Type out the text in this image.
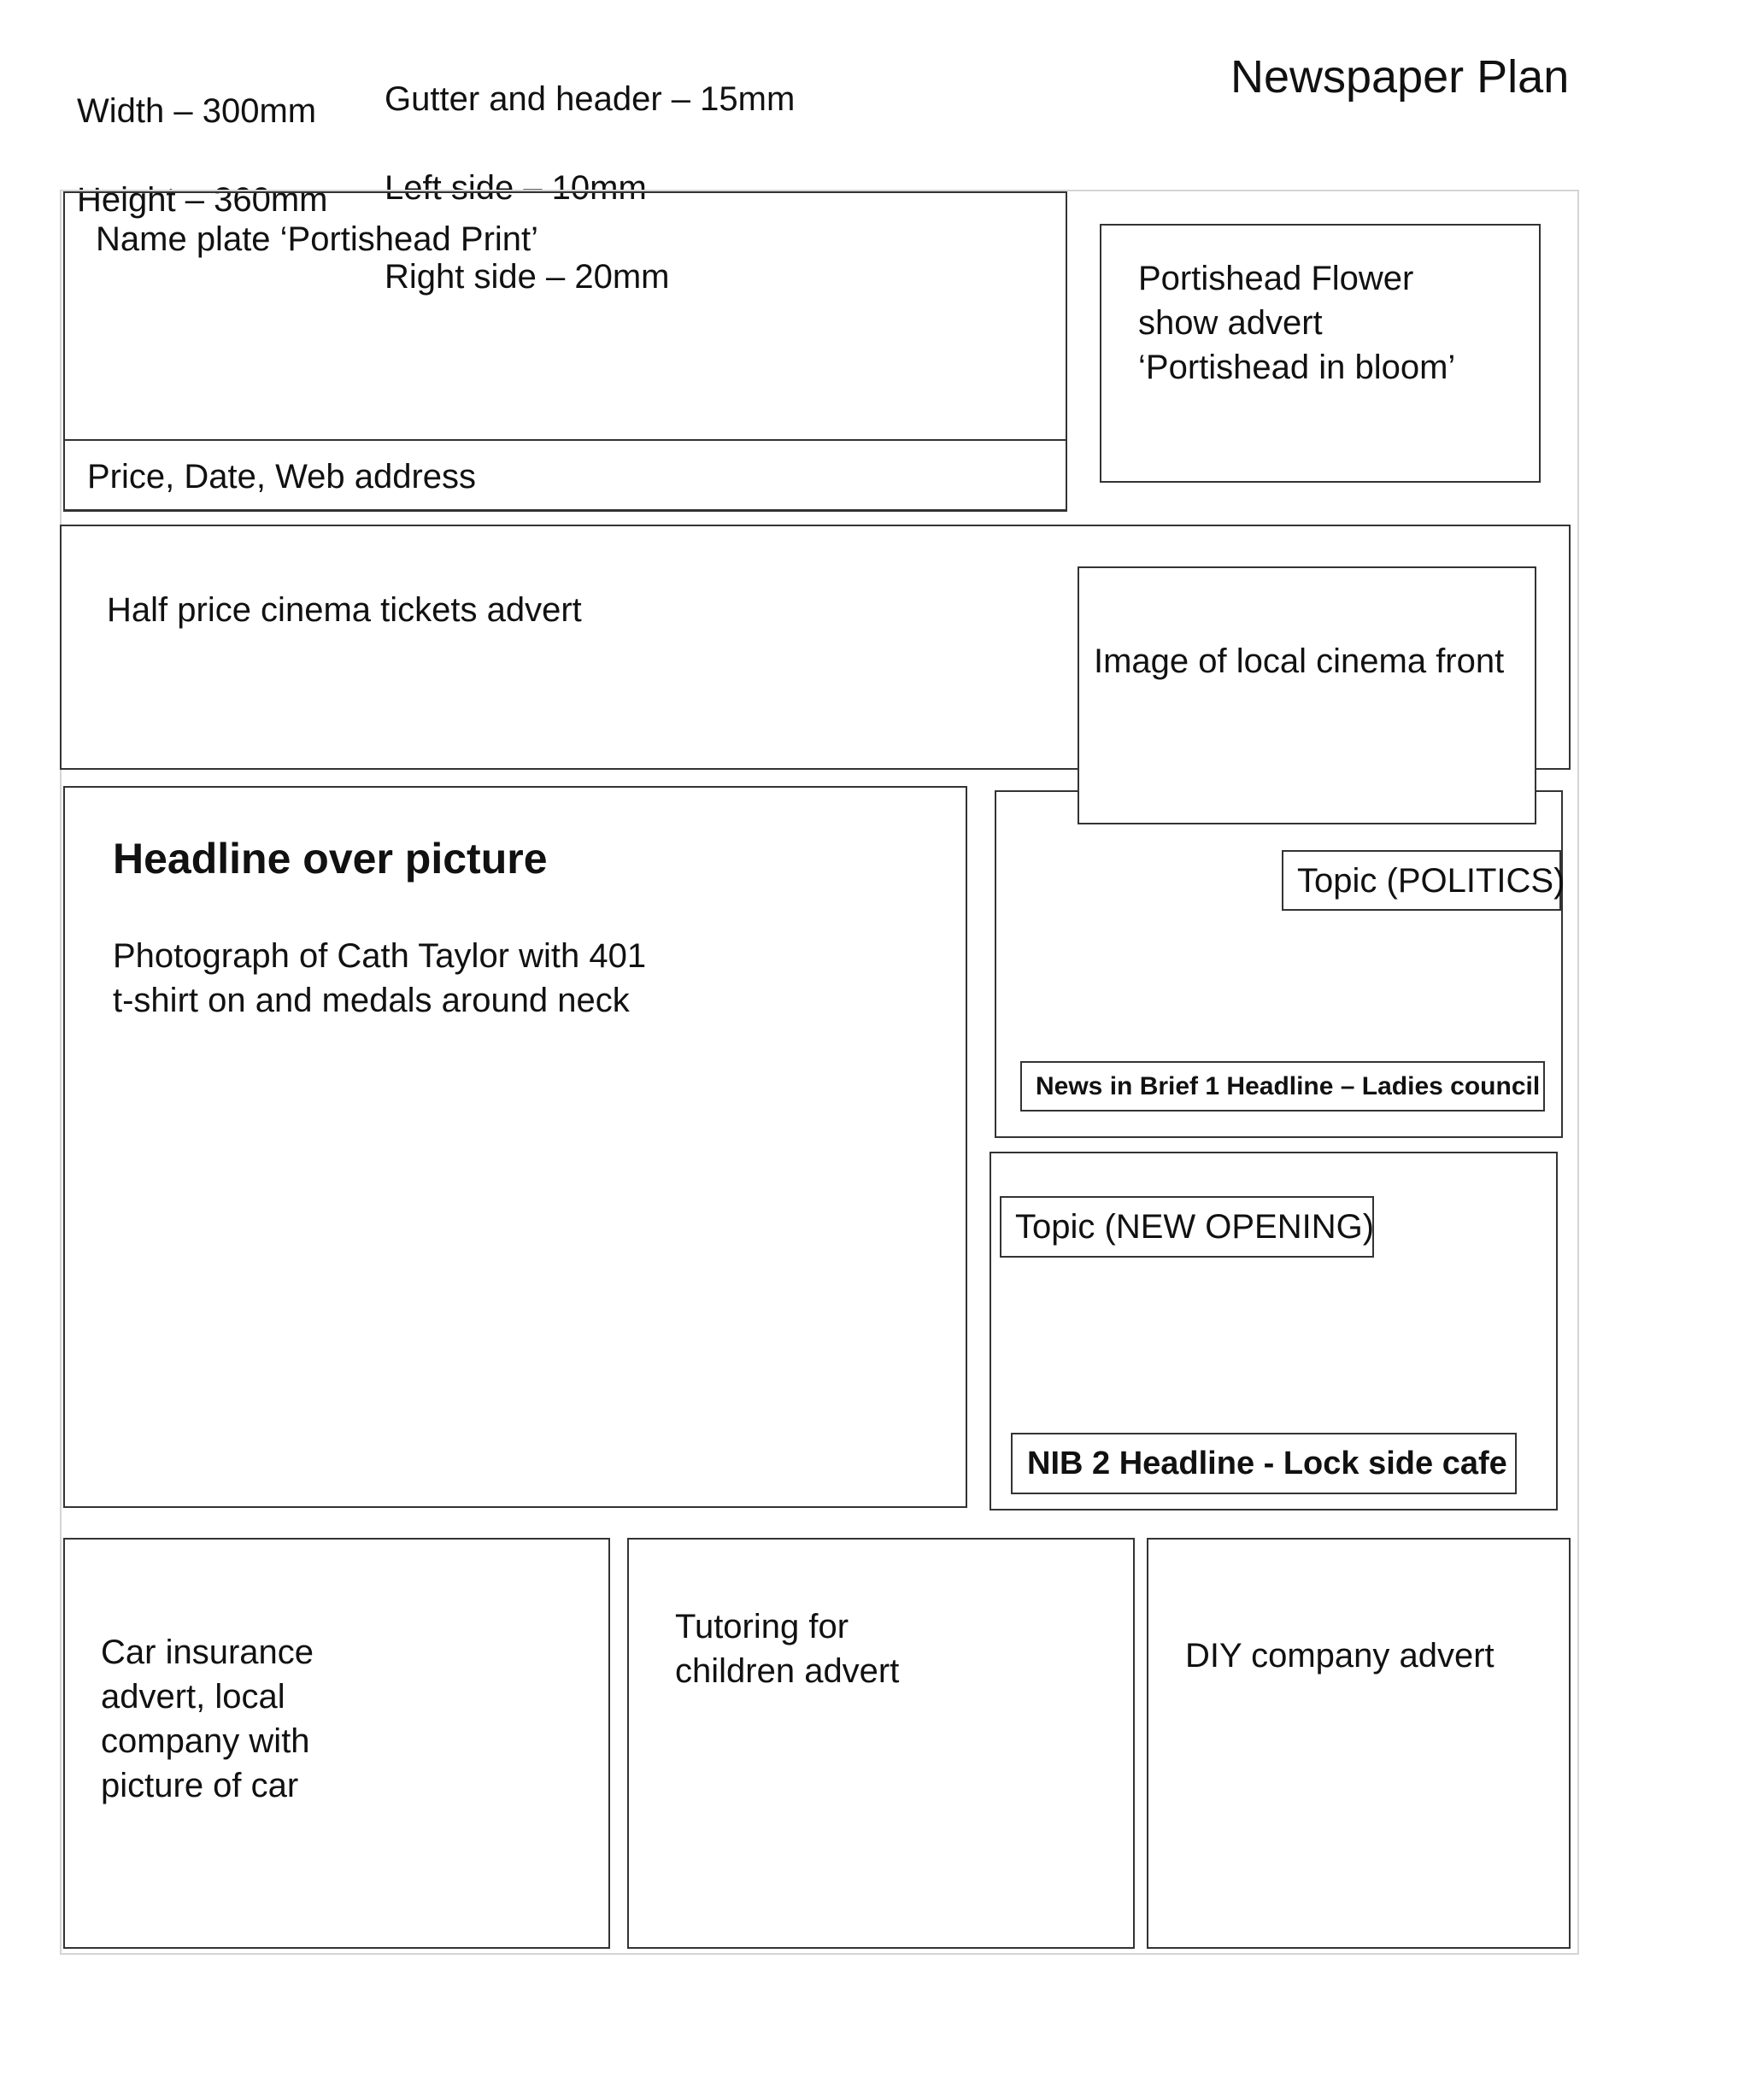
Width – 300mm

Height – 360mm

Gutter and header – 15mm

Left side – 10mm

Right side – 20mm

Newspaper Plan
Name plate ‘Portishead Print’
Price, Date, Web address
Portishead Flower
show advert
‘Portishead in bloom’
Half price cinema tickets advert
Image of local cinema front
Topic (POLITICS)
News in Brief 1 Headline – Ladies council
Headline over picture
Photograph of Cath Taylor with 401
t-shirt on and medals around neck
Topic (NEW OPENING)
NIB 2 Headline - Lock side cafe
Car insurance
advert, local
company with
picture of car
Tutoring for
children advert	DIY company advert
